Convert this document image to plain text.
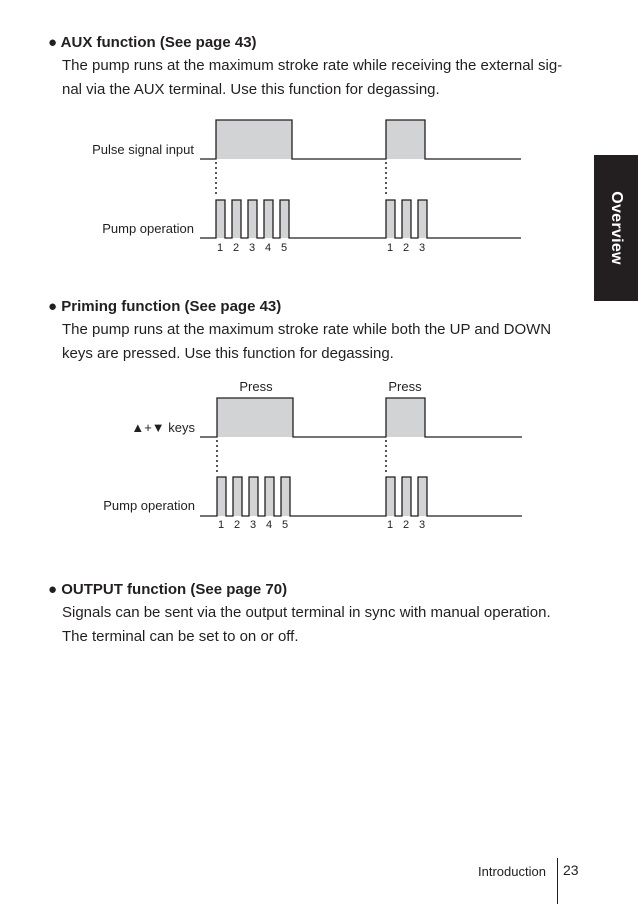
Overview
● AUX function (See page 43)
The pump runs at the maximum stroke rate while receiving the external sig-
nal via the AUX terminal. Use this function for degassing.
Pulse signal input
Pump operation
1 2 3 4 5	1 2 3
● Priming function (See page 43)
The pump runs at the maximum stroke rate while both the UP and DOWN
keys are pressed. Use this function for degassing.
Press	Press
▲+▼ keys
Pump operation
1 2 3 4 5	1 2 3
● OUTPUT function (See page 70)
Signals can be sent via the output terminal in sync with manual operation.
The terminal can be set to on or off.
Introduction 23
